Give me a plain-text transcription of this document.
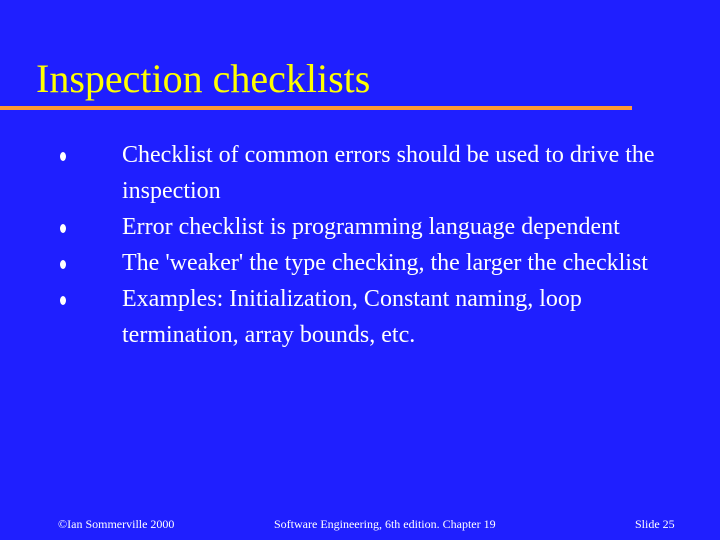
Inspection checklists
Checklist of common errors should be used to drive the inspection
Error checklist is programming language dependent
The 'weaker' the type checking, the larger the checklist
Examples: Initialization, Constant naming, loop termination, array bounds, etc.
©Ian Sommerville 2000	Software Engineering, 6th edition. Chapter 19	Slide 25
